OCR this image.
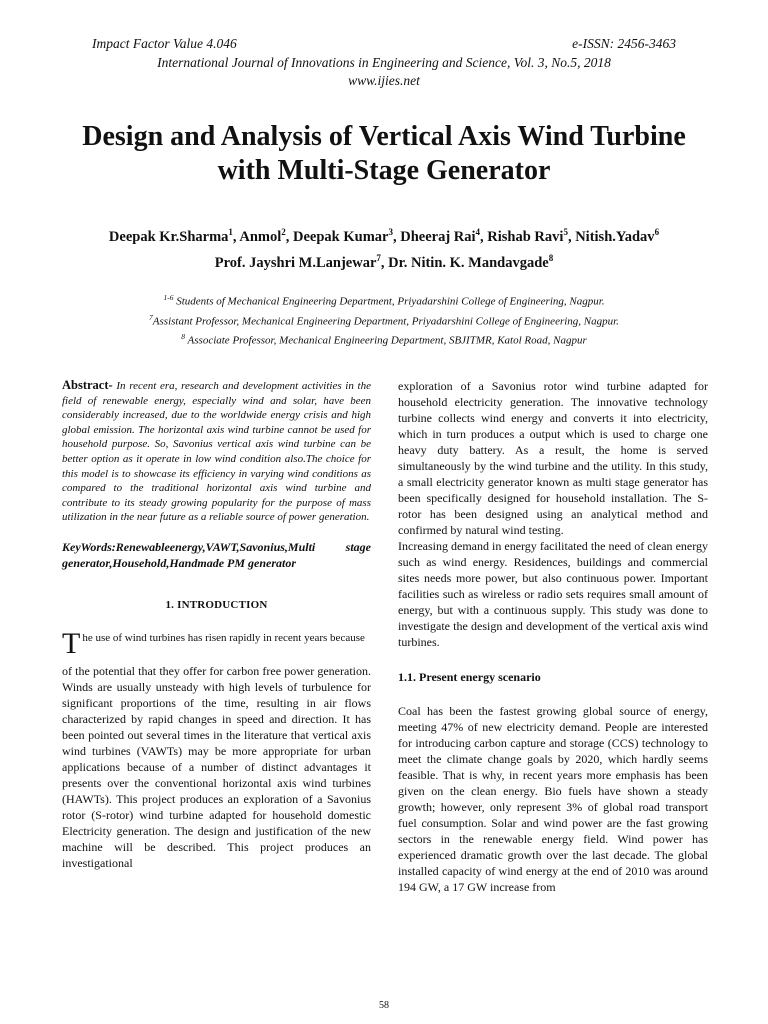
Impact Factor Value 4.046	e-ISSN: 2456-3463
International Journal of Innovations in Engineering and Science, Vol. 3, No.5, 2018
www.ijies.net
Design and Analysis of Vertical Axis Wind Turbine
with Multi-Stage Generator
Deepak Kr.Sharma$^1$, Anmol$^2$, Deepak Kumar$^3$, Dheeraj Rai$^4$, Rishab Ravi$^5$, Nitish.Yadav$^6$
Prof. Jayshri M.Lanjewar$^7$, Dr. Nitin. K. Mandavgade$^8$
$^{1-6}$ Students of Mechanical Engineering Department, Priyadarshini College of Engineering, Nagpur.
$^7$Assistant Professor, Mechanical Engineering Department, Priyadarshini College of Engineering, Nagpur.
$^8$ Associate Professor, Mechanical Engineering Department, SBJITMR, Katol Road, Nagpur

Abstract- In recent era, research and development activities in the field of renewable energy, especially wind and solar, have been considerably increased, due to the worldwide energy crisis and high global emission. The horizontal axis wind turbine cannot be used for household purpose. So, Savonius vertical axis wind turbine can be better option as it operate in low wind condition also.The choice for this model is to showcase its efficiency in varying wind conditions as compared to the traditional horizontal axis wind turbine and contribute to its steady growing popularity for the purpose of mass utilization in the near future as a reliable source of power generation.

KeyWords:Renewableenergy,VAWT,Savonius,Multi stage generator,Household,Handmade PM generator

1. INTRODUCTION
The use of wind turbines has risen rapidly in recent years because

of the potential that they offer for carbon free power generation. Winds are usually unsteady with high levels of turbulence for significant proportions of the time, resulting in air flows characterized by rapid changes in speed and direction. It has been pointed out several times in the literature that vertical axis wind turbines (VAWTs) may be more appropriate for urban applications because of a number of distinct advantages it presents over the conventional horizontal axis wind turbines (HAWTs). This project produces an exploration of a Savonius rotor (S-rotor) wind turbine adapted for household domestic Electricity generation. The design and justification of the new machine will be described. This project produces an investigational

exploration of a Savonius rotor wind turbine adapted for household electricity generation. The innovative technology turbine collects wind energy and converts it into electricity, which in turn produces a output which is used to charge one heavy duty battery. As a result, the home is served simultaneously by the wind turbine and the utility. In this study, a small electricity generator known as multi stage generator has been specifically designed for household installation. The S-rotor has been designed using an analytical method and confirmed by natural wind testing.

Increasing demand in energy facilitated the need of clean energy such as wind energy. Residences, buildings and commercial sites needs more power, but also continuous power. Important facilities such as wireless or radio sets requires small amount of energy, but with a continuous supply. This study was done to investigate the design and development of the vertical axis wind turbines.

1.1. Present energy scenario

Coal has been the fastest growing global source of energy, meeting 47% of new electricity demand. People are interested for introducing carbon capture and storage (CCS) technology to meet the climate change goals by 2020, which hardly seems feasible. That is why, in recent years more emphasis has been given on the clean energy. Bio fuels have shown a steady growth; however, only represent 3% of global road transport fuel consumption. Solar and wind power are the fast growing sectors in the renewable energy field. Wind power has experienced dramatic growth over the last decade. The global installed capacity of wind energy at the end of 2010 was around 194 GW, a 17 GW increase from

58
